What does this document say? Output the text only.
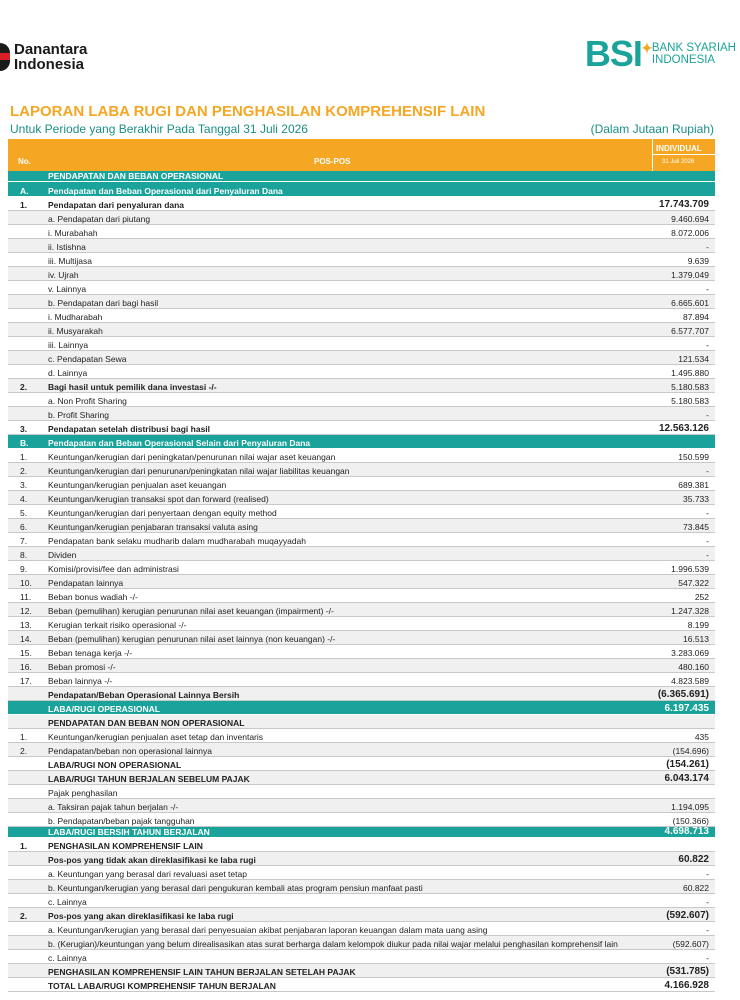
Danantara
Indonesia	BSI ✦ BANK SYARIAH
INDONESIA
LAPORAN LABA RUGI DAN PENGHASILAN KOMPREHENSIF LAIN
Untuk Periode yang Berakhir Pada Tanggal 31 Juli 2026	(Dalam Jutaan Rupiah)
No.	POS-POS
INDIVIDUAL
31 Juli 2026
PENDAPATAN DAN BEBAN OPERASIONAL
A.	Pendapatan dan Beban Operasional dari Penyaluran Dana
1.	Pendapatan dari penyaluran dana	17.743.709
a. Pendapatan dari piutang	9.460.694
i. Murabahah	8.072.006
ii. Istishna	-
iii. Multijasa	9.639
iv. Ujrah	1.379.049
v. Lainnya	-
b. Pendapatan dari bagi hasil	6.665.601
i. Mudharabah	87.894
ii. Musyarakah	6.577.707
iii. Lainnya	-
c. Pendapatan Sewa	121.534
d. Lainnya	1.495.880
2.	Bagi hasil untuk pemilik dana investasi -/-	5.180.583
a. Non Profit Sharing	5.180.583
b. Profit Sharing	-
3.	Pendapatan setelah distribusi bagi hasil	12.563.126
B.	Pendapatan dan Beban Operasional Selain dari Penyaluran Dana
1.	Keuntungan/kerugian dari peningkatan/penurunan nilai wajar aset keuangan	150.599
2.	Keuntungan/kerugian dari penurunan/peningkatan nilai wajar liabilitas keuangan	-
3.	Keuntungan/kerugian penjualan aset keuangan	689.381
4.	Keuntungan/kerugian transaksi spot dan forward (realised)	35.733
5.	Keuntungan/kerugian dari penyertaan dengan equity method	-
6.	Keuntungan/kerugian penjabaran transaksi valuta asing	73.845
7.	Pendapatan bank selaku mudharib dalam mudharabah muqayyadah	-
8.	Dividen	-
9.	Komisi/provisi/fee dan administrasi	1.996.539
10.	Pendapatan lainnya	547.322
11.	Beban bonus wadiah -/-	252
12.	Beban (pemulihan) kerugian penurunan nilai aset keuangan (impairment) -/-	1.247.328
13.	Kerugian terkait risiko operasional -/-	8.199
14.	Beban (pemulihan) kerugian penurunan nilai aset lainnya (non keuangan) -/-	16.513
15.	Beban tenaga kerja -/-	3.283.069
16.	Beban promosi -/-	480.160
17.	Beban lainnya -/-	4.823.589
Pendapatan/Beban Operasional Lainnya Bersih	(6.365.691)
LABA/RUGI OPERASIONAL	6.197.435
PENDAPATAN DAN BEBAN NON OPERASIONAL
1.	Keuntungan/kerugian penjualan aset tetap dan inventaris	435
2.	Pendapatan/beban non operasional lainnya	(154.696)
LABA/RUGI NON OPERASIONAL	(154.261)
LABA/RUGI TAHUN BERJALAN SEBELUM PAJAK	6.043.174
Pajak penghasilan
a. Taksiran pajak tahun berjalan -/-	1.194.095
b. Pendapatan/beban pajak tangguhan	(150.366)
LABA/RUGI BERSIH TAHUN BERJALAN	4.698.713
1.	PENGHASILAN KOMPREHENSIF LAIN
Pos-pos yang tidak akan direklasifikasi ke laba rugi	60.822
a. Keuntungan yang berasal dari revaluasi aset tetap	-
b. Keuntungan/kerugian yang berasal dari pengukuran kembali atas program pensiun manfaat pasti	60.822
c. Lainnya	-
2.	Pos-pos yang akan direklasifikasi ke laba rugi	(592.607)
a. Keuntungan/kerugian yang berasal dari penyesuaian akibat penjabaran laporan keuangan dalam mata uang asing	-
b. (Kerugian)/keuntungan yang belum direalisasikan atas surat berharga dalam kelompok diukur pada nilai wajar melalui penghasilan komprehensif lain	(592.607)
c. Lainnya	-
PENGHASILAN KOMPREHENSIF LAIN TAHUN BERJALAN SETELAH PAJAK	(531.785)
TOTAL LABA/RUGI KOMPREHENSIF TAHUN BERJALAN	4.166.928
